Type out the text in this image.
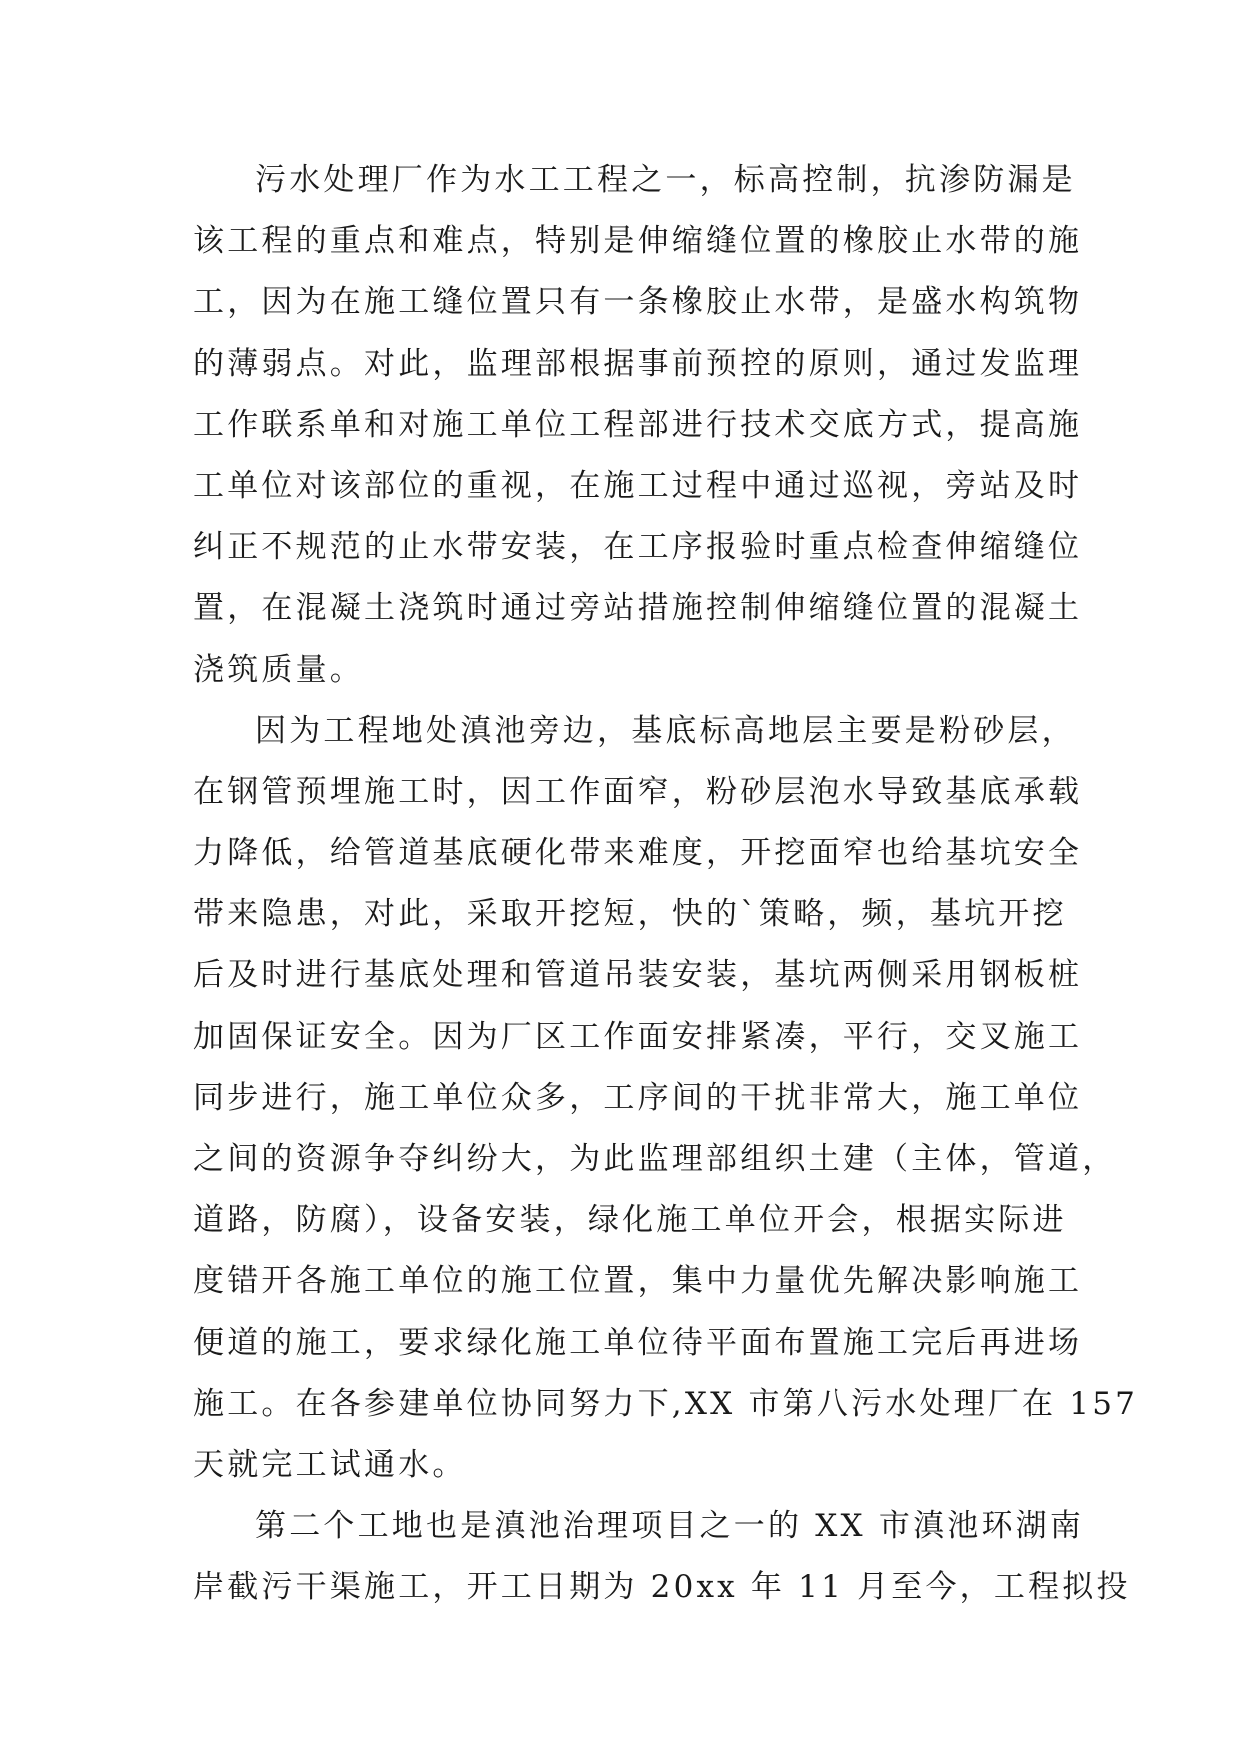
污水处理厂作为水工工程之一，标高控制，抗渗防漏是
该工程的重点和难点，特别是伸缩缝位置的橡胶止水带的施
工，因为在施工缝位置只有一条橡胶止水带，是盛水构筑物
的薄弱点。对此，监理部根据事前预控的原则，通过发监理
工作联系单和对施工单位工程部进行技术交底方式，提高施
工单位对该部位的重视，在施工过程中通过巡视，旁站及时
纠正不规范的止水带安装，在工序报验时重点检查伸缩缝位
置，在混凝土浇筑时通过旁站措施控制伸缩缝位置的混凝土
浇筑质量。
因为工程地处滇池旁边，基底标高地层主要是粉砂层，
在钢管预埋施工时，因工作面窄，粉砂层泡水导致基底承载
力降低，给管道基底硬化带来难度，开挖面窄也给基坑安全
带来隐患，对此，采取开挖短，快的`策略，频，基坑开挖
后及时进行基底处理和管道吊装安装，基坑两侧采用钢板桩
加固保证安全。因为厂区工作面安排紧凑，平行，交叉施工
同步进行，施工单位众多，工序间的干扰非常大，施工单位
之间的资源争夺纠纷大，为此监理部组织土建（主体，管道，
道路，防腐），设备安装，绿化施工单位开会，根据实际进
度错开各施工单位的施工位置，集中力量优先解决影响施工
便道的施工，要求绿化施工单位待平面布置施工完后再进场
施工。在各参建单位协同努力下,XX 市第八污水处理厂在 157
天就完工试通水。
第二个工地也是滇池治理项目之一的 XX 市滇池环湖南
岸截污干渠施工，开工日期为 20xx 年 11 月至今，工程拟投
